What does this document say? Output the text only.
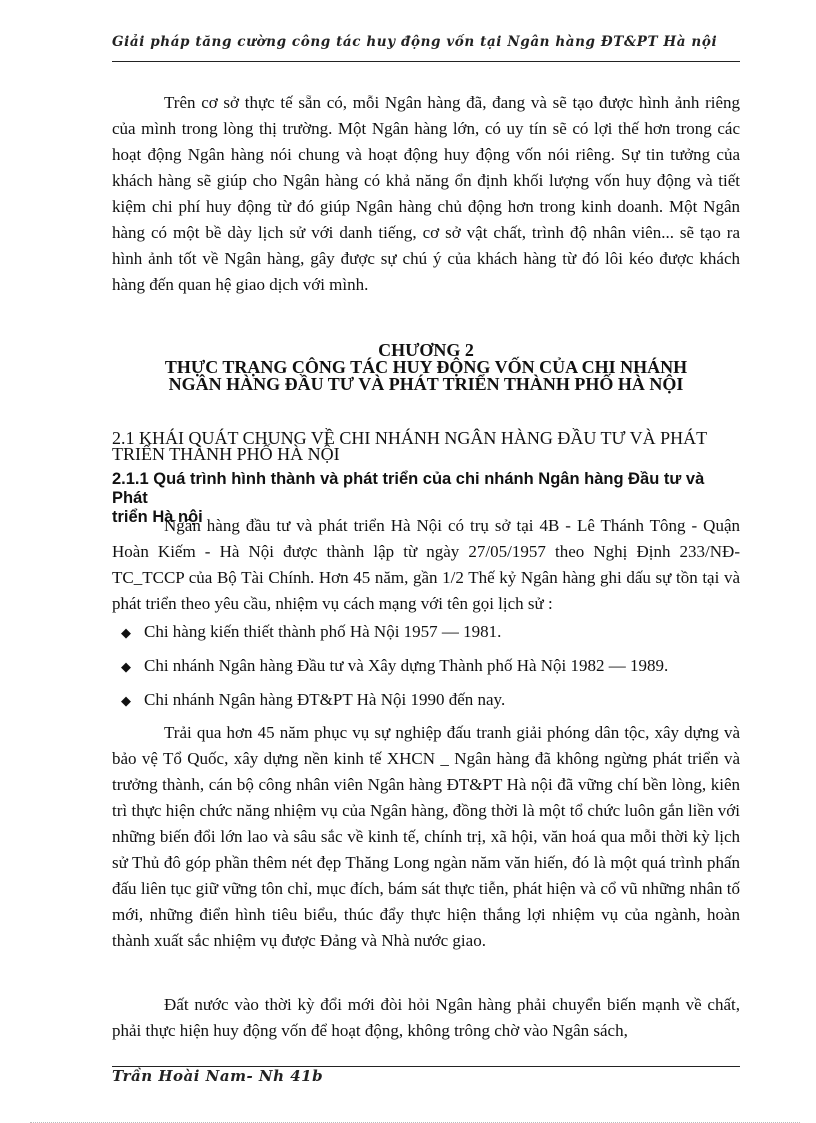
Giải pháp tăng cường công tác huy động vốn tại Ngân hàng ĐT&PT Hà nội
Trên cơ sở thực tế sẵn có, mỗi Ngân hàng đã, đang và sẽ tạo được hình ảnh riêng của mình trong lòng thị trường. Một Ngân hàng lớn, có uy tín sẽ có lợi thế hơn trong các hoạt động Ngân hàng nói chung và hoạt động huy động vốn nói riêng. Sự tin tưởng của khách hàng sẽ giúp cho Ngân hàng có khả năng ổn định khối lượng vốn huy động và tiết kiệm chi phí huy động từ đó giúp Ngân hàng chủ động hơn trong kinh doanh. Một Ngân hàng có một bề dày lịch sử với danh tiếng, cơ sở vật chất, trình độ nhân viên... sẽ tạo ra hình ảnh tốt về Ngân hàng, gây được sự chú ý của khách hàng từ đó lôi kéo được khách hàng đến quan hệ giao dịch với mình.
CHƯƠNG 2
THỰC TRẠNG CÔNG TÁC HUY ĐỘNG VỐN CỦA CHI NHÁNH
NGÂN HÀNG ĐẦU TƯ VÀ PHÁT TRIỂN THÀNH PHỐ HÀ NỘI
2.1 KHÁI QUÁT CHUNG VỀ CHI NHÁNH NGÂN HÀNG ĐẦU TƯ VÀ PHÁT
TRIỂN THÀNH PHỐ HÀ NỘI
2.1.1 Quá trình hình thành và phát triển của chi nhánh Ngân hàng Đầu tư và Phát
triển Hà nội
Ngân hàng đầu tư và phát triển Hà Nội có trụ sở tại 4B - Lê Thánh Tông - Quận Hoàn Kiếm - Hà Nội được thành lập từ ngày 27/05/1957 theo Nghị Định 233/NĐ-TC_TCCP của Bộ Tài Chính. Hơn 45 năm, gần 1/2 Thế kỷ Ngân hàng ghi dấu sự tồn tại và phát triển theo yêu cầu, nhiệm vụ cách mạng với tên gọi lịch sử :
◆ Chi hàng kiến thiết thành phố Hà Nội 1957 — 1981.
◆ Chi nhánh Ngân hàng Đầu tư và Xây dựng Thành phố Hà Nội 1982 — 1989.
◆ Chi nhánh Ngân hàng ĐT&PT Hà Nội 1990 đến nay.
Trải qua hơn 45 năm phục vụ sự nghiệp đấu tranh giải phóng dân tộc, xây dựng và bảo vệ Tổ Quốc, xây dựng nền kinh tế XHCN _ Ngân hàng đã không ngừng phát triển và trưởng thành, cán bộ công nhân viên Ngân hàng ĐT&PT Hà nội đã vững chí bền lòng, kiên trì thực hiện chức năng nhiệm vụ của Ngân hàng, đồng thời là một tổ chức luôn gắn liền với những biến đổi lớn lao và sâu sắc về kinh tế, chính trị, xã hội, văn hoá qua mỗi thời kỳ lịch sử Thủ đô góp phần thêm nét đẹp Thăng Long ngàn năm văn hiến, đó là một quá trình phấn đấu liên tục giữ vững tôn chỉ, mục đích, bám sát thực tiễn, phát hiện và cổ vũ những nhân tố mới, những điển hình tiêu biểu, thúc đẩy thực hiện thắng lợi nhiệm vụ của ngành, hoàn thành xuất sắc nhiệm vụ được Đảng và Nhà nước giao.
Đất nước vào thời kỳ đổi mới đòi hỏi Ngân hàng phải chuyển biến mạnh về chất, phải thực hiện huy động vốn để hoạt động, không trông chờ vào Ngân sách,
Trần Hoài Nam- Nh 41b
